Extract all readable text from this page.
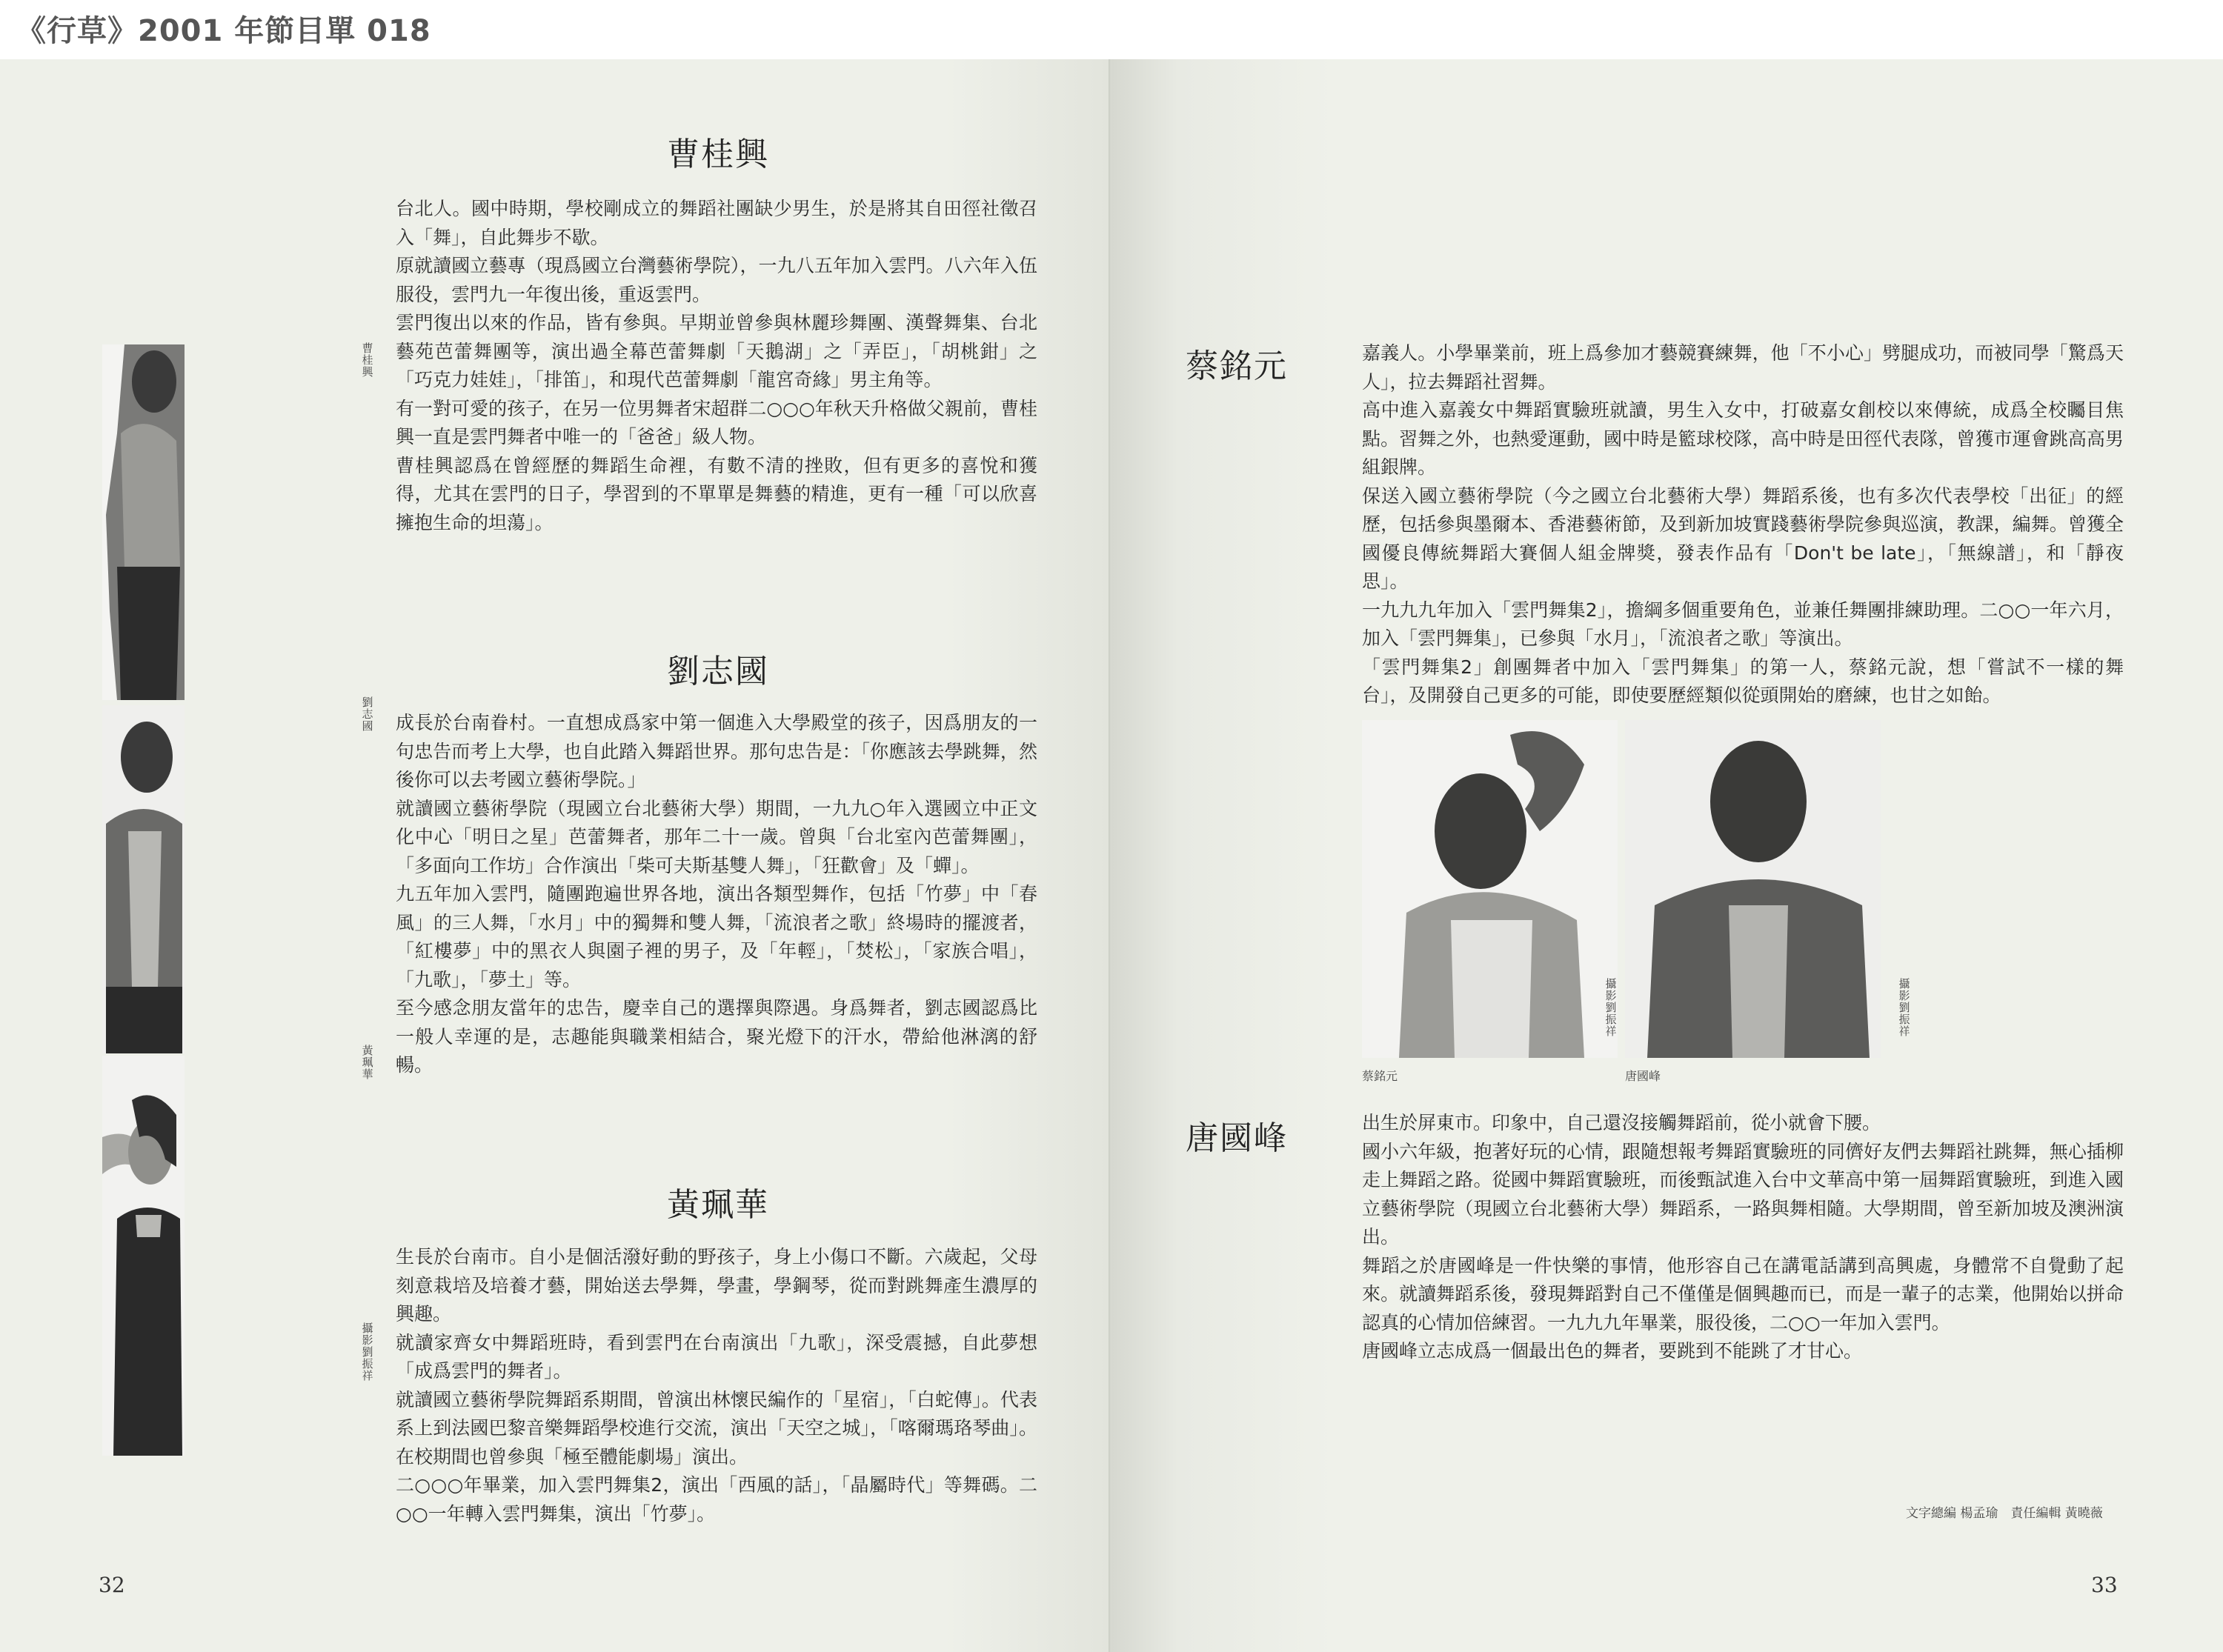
《行草》2001 年節目單 018
曹桂興
劉志國
黃珮華
攝影 劉振祥
曹桂興

台北人。國中時期，學校剛成立的舞蹈社團缺少男生，於是將其自田徑社徵召入「舞」，自此舞步不歇。

原就讀國立藝專（現爲國立台灣藝術學院），一九八五年加入雲門。八六年入伍服役，雲門九一年復出後，重返雲門。

雲門復出以來的作品，皆有參與。早期並曾參與林麗珍舞團、漢聲舞集、台北藝苑芭蕾舞團等，演出過全幕芭蕾舞劇「天鵝湖」之「弄臣」，「胡桃鉗」之「巧克力娃娃」，「排笛」，和現代芭蕾舞劇「龍宮奇緣」男主角等。

有一對可愛的孩子，在另一位男舞者宋超群二○○○年秋天升格做父親前，曹桂興一直是雲門舞者中唯一的「爸爸」級人物。

曹桂興認爲在曾經歷的舞蹈生命裡，有數不清的挫敗，但有更多的喜悅和獲得，尤其在雲門的日子，學習到的不單單是舞藝的精進，更有一種「可以欣喜擁抱生命的坦蕩」。

劉志國

成長於台南眷村。一直想成爲家中第一個進入大學殿堂的孩子，因爲朋友的一句忠告而考上大學，也自此踏入舞蹈世界。那句忠告是：「你應該去學跳舞，然後你可以去考國立藝術學院。」

就讀國立藝術學院（現國立台北藝術大學）期間，一九九○年入選國立中正文化中心「明日之星」芭蕾舞者，那年二十一歲。曾與「台北室內芭蕾舞團」，「多面向工作坊」合作演出「柴可夫斯基雙人舞」，「狂歡會」及「蟬」。

九五年加入雲門，隨團跑遍世界各地，演出各類型舞作，包括「竹夢」中「春風」的三人舞，「水月」中的獨舞和雙人舞，「流浪者之歌」終場時的擺渡者，「紅樓夢」中的黑衣人與園子裡的男子，及「年輕」，「焚松」，「家族合唱」，「九歌」，「夢土」等。

至今感念朋友當年的忠告，慶幸自己的選擇與際遇。身爲舞者，劉志國認爲比一般人幸運的是，志趣能與職業相結合，聚光燈下的汗水，帶給他淋漓的舒暢。

黃珮華

生長於台南市。自小是個活潑好動的野孩子，身上小傷口不斷。六歲起，父母刻意栽培及培養才藝，開始送去學舞，學畫，學鋼琴，從而對跳舞產生濃厚的興趣。

就讀家齊女中舞蹈班時，看到雲門在台南演出「九歌」，深受震撼，自此夢想「成爲雲門的舞者」。

就讀國立藝術學院舞蹈系期間，曾演出林懷民編作的「星宿」，「白蛇傳」。代表系上到法國巴黎音樂舞蹈學校進行交流，演出「天空之城」，「喀爾瑪珞琴曲」。在校期間也曾參與「極至體能劇場」演出。

二○○○年畢業，加入雲門舞集2，演出「西風的話」，「晶屬時代」等舞碼。二○○一年轉入雲門舞集，演出「竹夢」。

32
蔡銘元	嘉義人。小學畢業前，班上爲參加才藝競賽練舞，他「不小心」劈腿成功，而被同學「驚爲天人」，拉去舞蹈社習舞。

高中進入嘉義女中舞蹈實驗班就讀，男生入女中，打破嘉女創校以來傳統，成爲全校矚目焦點。習舞之外，也熱愛運動，國中時是籃球校隊，高中時是田徑代表隊，曾獲市運會跳高高男組銀牌。

保送入國立藝術學院（今之國立台北藝術大學）舞蹈系後，也有多次代表學校「出征」的經歷，包括參與墨爾本、香港藝術節，及到新加坡實踐藝術學院參與巡演，教課，編舞。曾獲全國優良傳統舞蹈大賽個人組金牌獎，發表作品有「Don't be late」，「無線譜」，和「靜夜思」。

一九九九年加入「雲門舞集2」，擔綱多個重要角色，並兼任舞團排練助理。二○○一年六月，加入「雲門舞集」，已參與「水月」，「流浪者之歌」等演出。

「雲門舞集2」創團舞者中加入「雲門舞集」的第一人，蔡銘元說，想「嘗試不一樣的舞台」，及開發自己更多的可能，即使要歷經類似從頭開始的磨練，也甘之如飴。

攝影 劉振祥
攝影 劉振祥
蔡銘元	唐國峰
唐國峰	出生於屏東市。印象中，自己還沒接觸舞蹈前，從小就會下腰。

國小六年級，抱著好玩的心情，跟隨想報考舞蹈實驗班的同儕好友們去舞蹈社跳舞，無心插柳走上舞蹈之路。從國中舞蹈實驗班，而後甄試進入台中文華高中第一屆舞蹈實驗班，到進入國立藝術學院（現國立台北藝術大學）舞蹈系，一路與舞相隨。大學期間，曾至新加坡及澳洲演出。

舞蹈之於唐國峰是一件快樂的事情，他形容自己在講電話講到高興處，身體常不自覺動了起來。就讀舞蹈系後，發現舞蹈對自己不僅僅是個興趣而已，而是一輩子的志業，他開始以拼命認真的心情加倍練習。一九九九年畢業，服役後，二○○一年加入雲門。

唐國峰立志成爲一個最出色的舞者，要跳到不能跳了才甘心。

文字總編 楊孟瑜　責任編輯 黃曉薇
33
